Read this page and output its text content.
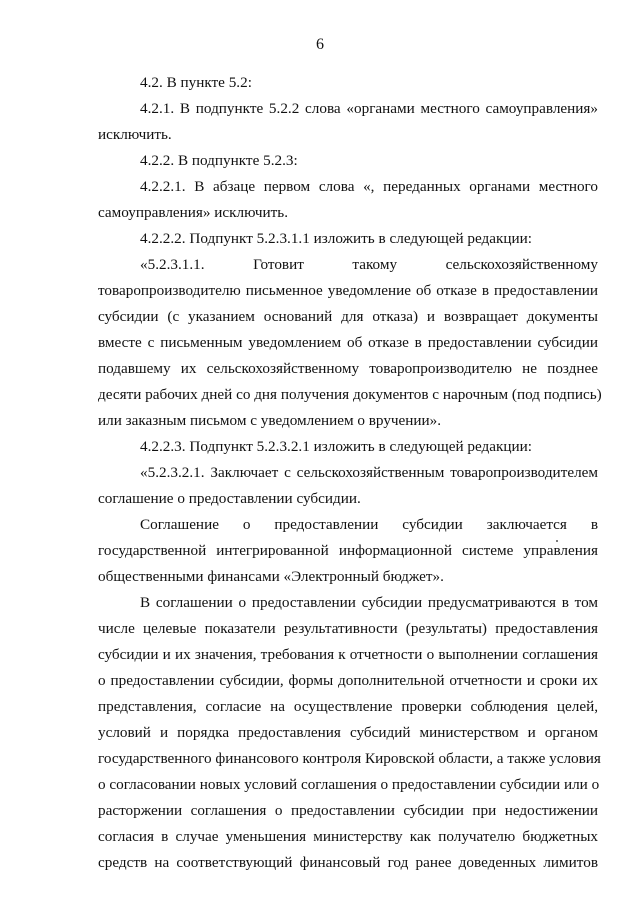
6
4.2. В пункте 5.2:
4.2.1. В подпункте 5.2.2 слова «органами местного самоуправления»
исключить.
4.2.2. В подпункте 5.2.3:
4.2.2.1. В абзаце первом слова «, переданных органами местного
самоуправления» исключить.
4.2.2.2. Подпункт 5.2.3.1.1 изложить в следующей редакции:
«5.2.3.1.1. Готовит такому сельскохозяйственному
товаропроизводителю письменное уведомление об отказе в предоставлении
субсидии (с указанием оснований для отказа) и возвращает документы
вместе с письменным уведомлением об отказе в предоставлении субсидии
подавшему их сельскохозяйственному товаропроизводителю не позднее
десяти рабочих дней со дня получения документов с нарочным (под подпись)
или заказным письмом с уведомлением о вручении».
4.2.2.3. Подпункт 5.2.3.2.1 изложить в следующей редакции:
«5.2.3.2.1. Заключает с сельскохозяйственным товаропроизводителем
соглашение о предоставлении субсидии.
Соглашение о предоставлении субсидии заключается в
государственной интегрированной информационной системе управления
общественными финансами «Электронный бюджет».
В соглашении о предоставлении субсидии предусматриваются в том
числе целевые показатели результативности (результаты) предоставления
субсидии и их значения, требования к отчетности о выполнении соглашения
о предоставлении субсидии, формы дополнительной отчетности и сроки их
представления, согласие на осуществление проверки соблюдения целей,
условий и порядка предоставления субсидий министерством и органом
государственного финансового контроля Кировской области, а также условия
о согласовании новых условий соглашения о предоставлении субсидии или о
расторжении соглашения о предоставлении субсидии при недостижении
согласия в случае уменьшения министерству как получателю бюджетных
средств на соответствующий финансовый год ранее доведенных лимитов
